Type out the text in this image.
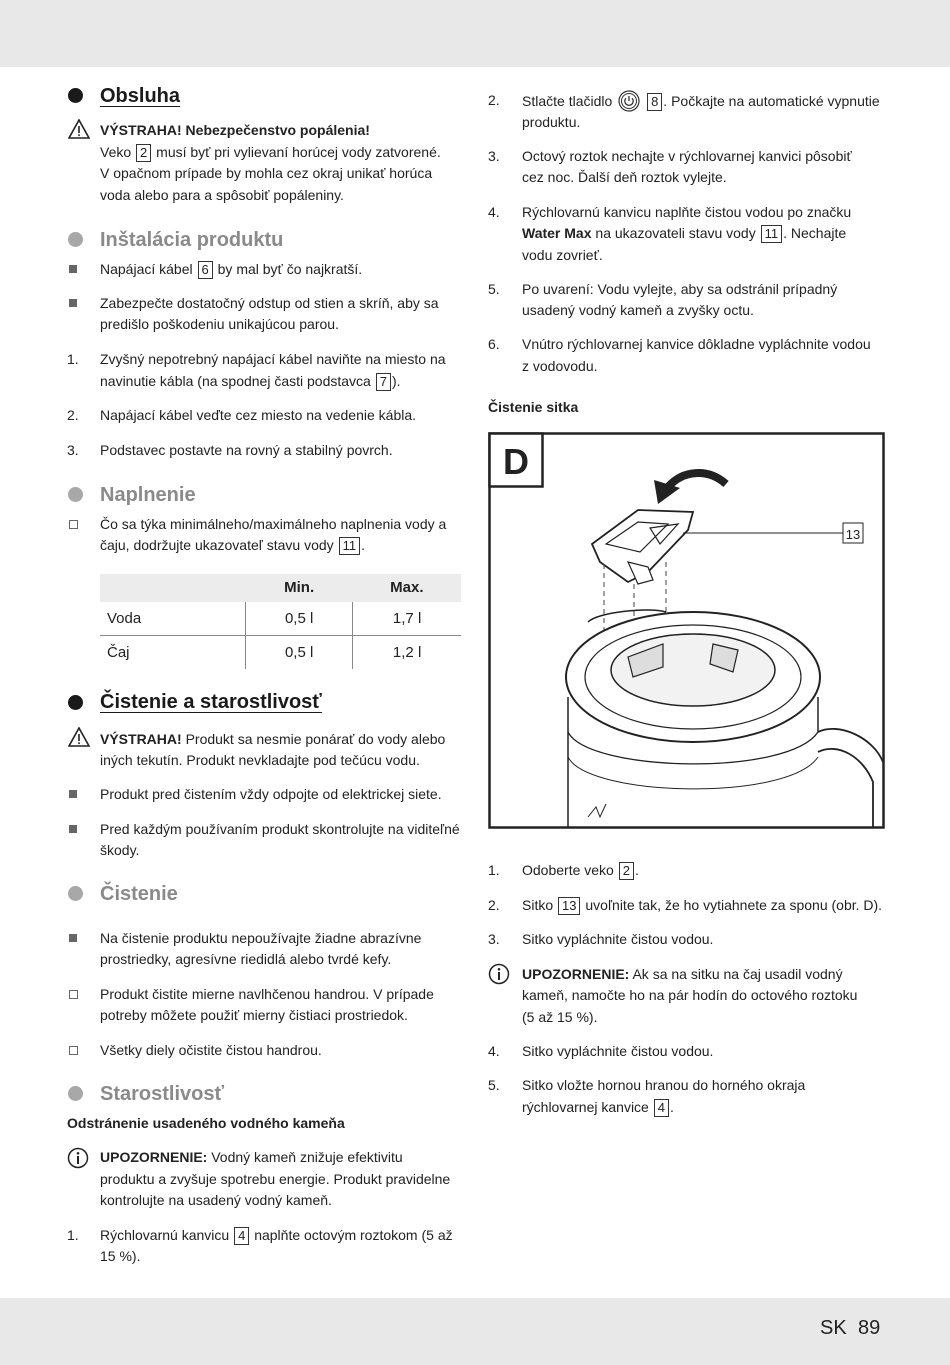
Obsluha
VÝSTRAHA! Nebezpečenstvo popálenia!
Veko 2 musí byť pri vylievaní horúcej vody zatvorené.
V opačnom prípade by mohla cez okraj unikať horúca
voda alebo para a spôsobiť popáleniny.
Inštalácia produktu
Napájací kábel 6 by mal byť čo najkratší.
Zabezpečte dostatočný odstup od stien a skríň, aby sa
predišlo poškodeniu unikajúcou parou.
1. Zvyšný nepotrebný napájací kábel naviňte na miesto na
navinutie kábla (na spodnej časti podstavca 7 ).
2. Napájací kábel veďte cez miesto na vedenie kábla.
3. Podstavec postavte na rovný a stabilný povrch.
Naplnenie
Čo sa týka minimálneho/maximálneho naplnenia vody a
čaju, dodržujte ukazovateľ stavu vody 11 .
	Min.	Max.
Voda	0,5 l	1,7 l
Čaj	0,5 l	1,2 l
Čistenie a starostlivosť
VÝSTRAHA! Produkt sa nesmie ponárať do vody alebo
iných tekutín. Produkt nevkladajte pod tečúcu vodu.
Produkt pred čistením vždy odpojte od elektrickej siete.
Pred každým používaním produkt skontrolujte na viditeľné
škody.
Čistenie
Na čistenie produktu nepoužívajte žiadne abrazívne
prostriedky, agresívne riedidlá alebo tvrdé kefy.
Produkt čistite mierne navlhčenou handrou. V prípade
potreby môžete použiť mierny čistiaci prostriedok.
Všetky diely očistite čistou handrou.
Starostlivosť
Odstránenie usadeného vodného kameňa
UPOZORNENIE: Vodný kameň znižuje efektivitu
produktu a zvyšuje spotrebu energie. Produkt pravidelne
kontrolujte na usadený vodný kameň.
1. Rýchlovarnú kanvicu 4 naplňte octovým roztokom (5 až
15 %).
2. Stlačte tlačidlo	8 . Počkajte na automatické vypnutie
produktu.
3. Octový roztok nechajte v rýchlovarnej kanvici pôsobiť
cez noc. Ďalší deň roztok vylejte.
4. Rýchlovarnú kanvicu naplňte čistou vodou po značku
Water Max na ukazovateli stavu vody 11 . Nechajte
vodu zovrieť.
5. Po uvarení: Vodu vylejte, aby sa odstránil prípadný
usadený vodný kameň a zvyšky octu.
6. Vnútro rýchlovarnej kanvice dôkladne vypláchnite vodou
z vodovodu.
Čistenie sitka
D
13
1. Odoberte veko 2 .
2. Sitko 13 uvoľnite tak, že ho vytiahnete za sponu (obr. D).
3. Sitko vypláchnite čistou vodou.
UPOZORNENIE: Ak sa na sitku na čaj usadil vodný
kameň, namočte ho na pár hodín do octového roztoku
(5 až 15 %).
4. Sitko vypláchnite čistou vodou.
5. Sitko vložte hornou hranou do horného okraja
rýchlovarnej kanvice 4 .
SK 89
